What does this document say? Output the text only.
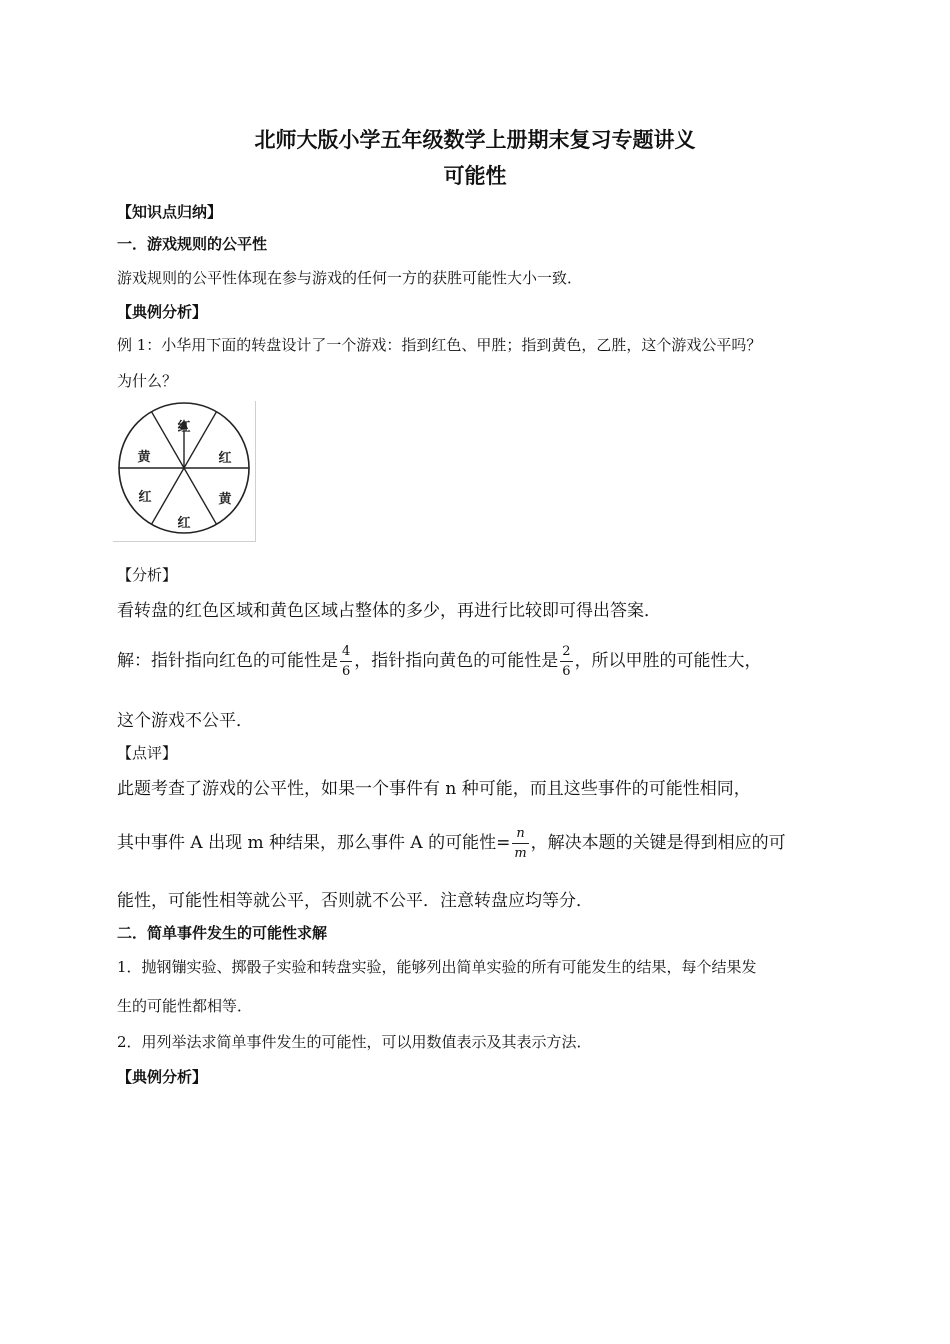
北师大版小学五年级数学上册期末复习专题讲义
可能性
【知识点归纳】
一．游戏规则的公平性
游戏规则的公平性体现在参与游戏的任何一方的获胜可能性大小一致．
【典例分析】
例 1：小华用下面的转盘设计了一个游戏：指到红色、甲胜；指到黄色，乙胜，这个游戏公平吗？
为什么？
红
红
黄
红
红
黄
【分析】
看转盘的红色区域和黄色区域占整体的多少，再进行比较即可得出答案．
解：指针指向红色的可能性是 $\frac{4}{6}$ ，指针指向黄色的可能性是 $\frac{2}{6}$ ，所以甲胜的可能性大，
这个游戏不公平．
【点评】
此题考查了游戏的公平性，如果一个事件有 n 种可能，而且这些事件的可能性相同，
其中事件 A 出现 m 种结果，那么事件 A 的可能性= $\frac{n}{m}$ ，解决本题的关键是得到相应的可
能性，可能性相等就公平，否则就不公平．注意转盘应均等分．
二．简单事件发生的可能性求解
1．抛钢镚实验、掷骰子实验和转盘实验，能够列出简单实验的所有可能发生的结果，每个结果发
生的可能性都相等．
2．用列举法求简单事件发生的可能性，可以用数值表示及其表示方法．
【典例分析】
